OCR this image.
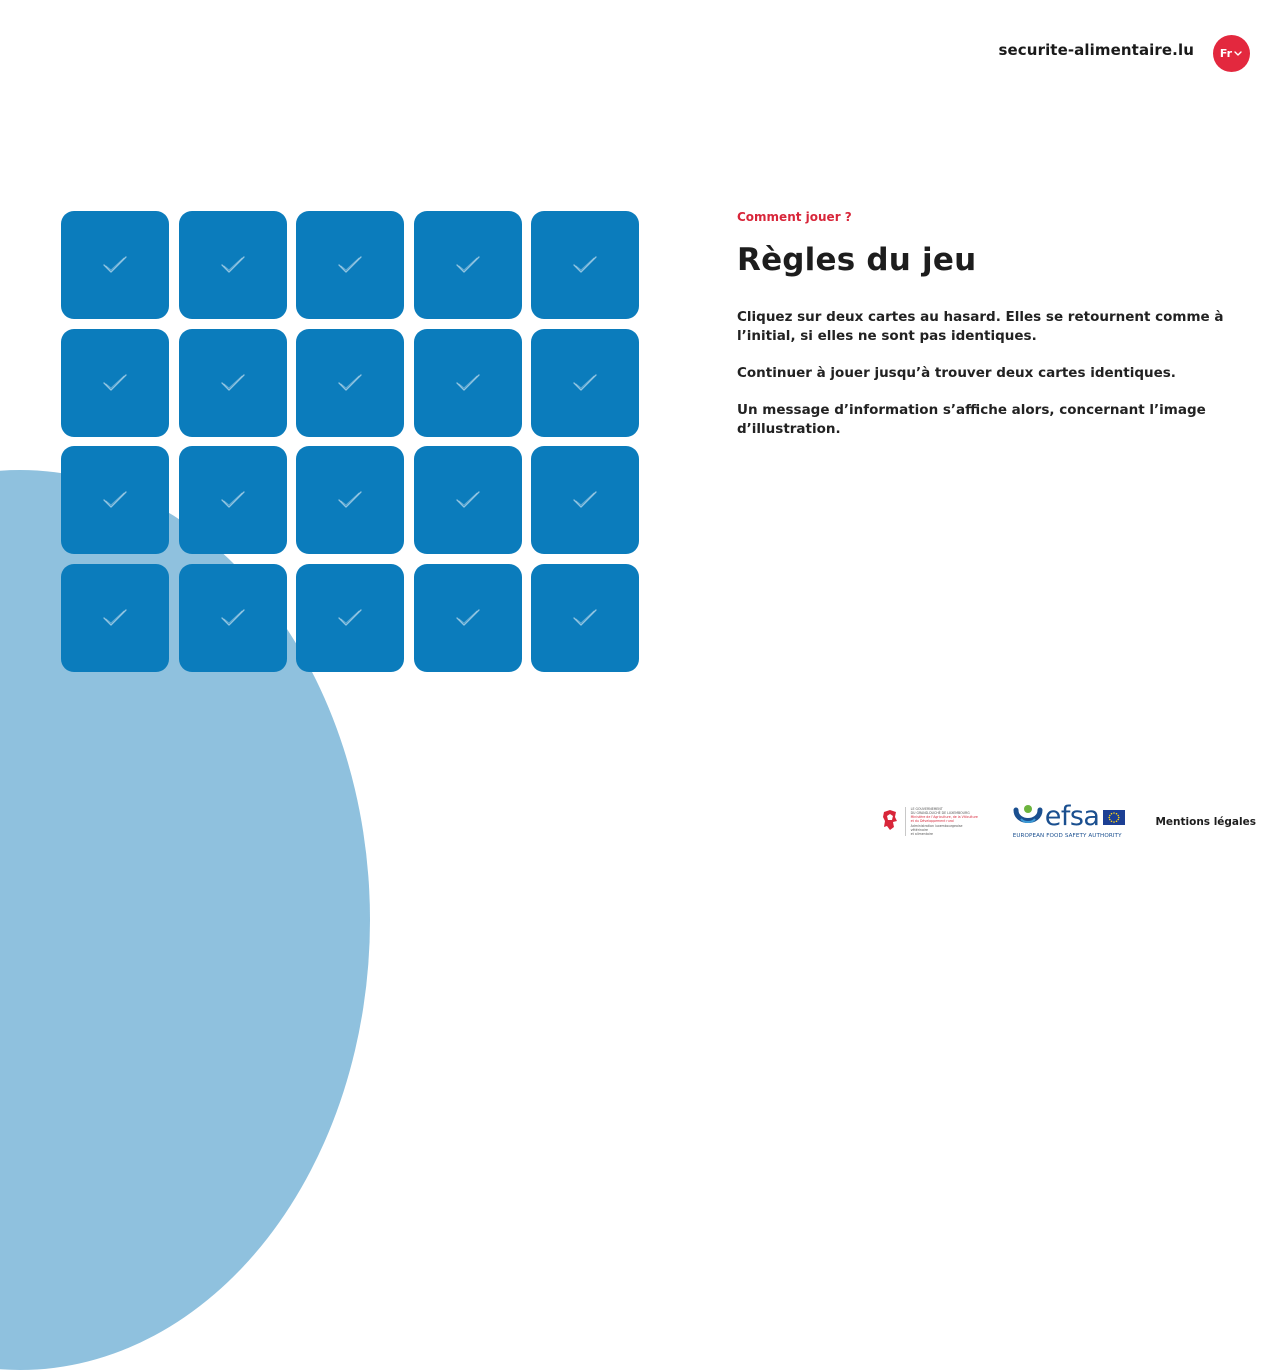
securite-alimentaire.lu Fr
Comment jouer ?
Règles du jeu

Cliquez sur deux cartes au hasard. Elles se retournent comme à l’initial, si elles ne sont pas identiques.

Continuer à jouer jusqu’à trouver deux cartes identiques.

Un message d’information s’affiche alors, concernant l’image d’illustration.

LE GOUVERNEMENT
DU GRAND-DUCHÉ DE LUXEMBOURG
Ministère de l’Agriculture, de la Viticulture
et du Développement rural
Administration luxembourgeoise vétérinaire
et alimentaire
efsa
EUROPEAN FOOD SAFETY AUTHORITY
Mentions légales
